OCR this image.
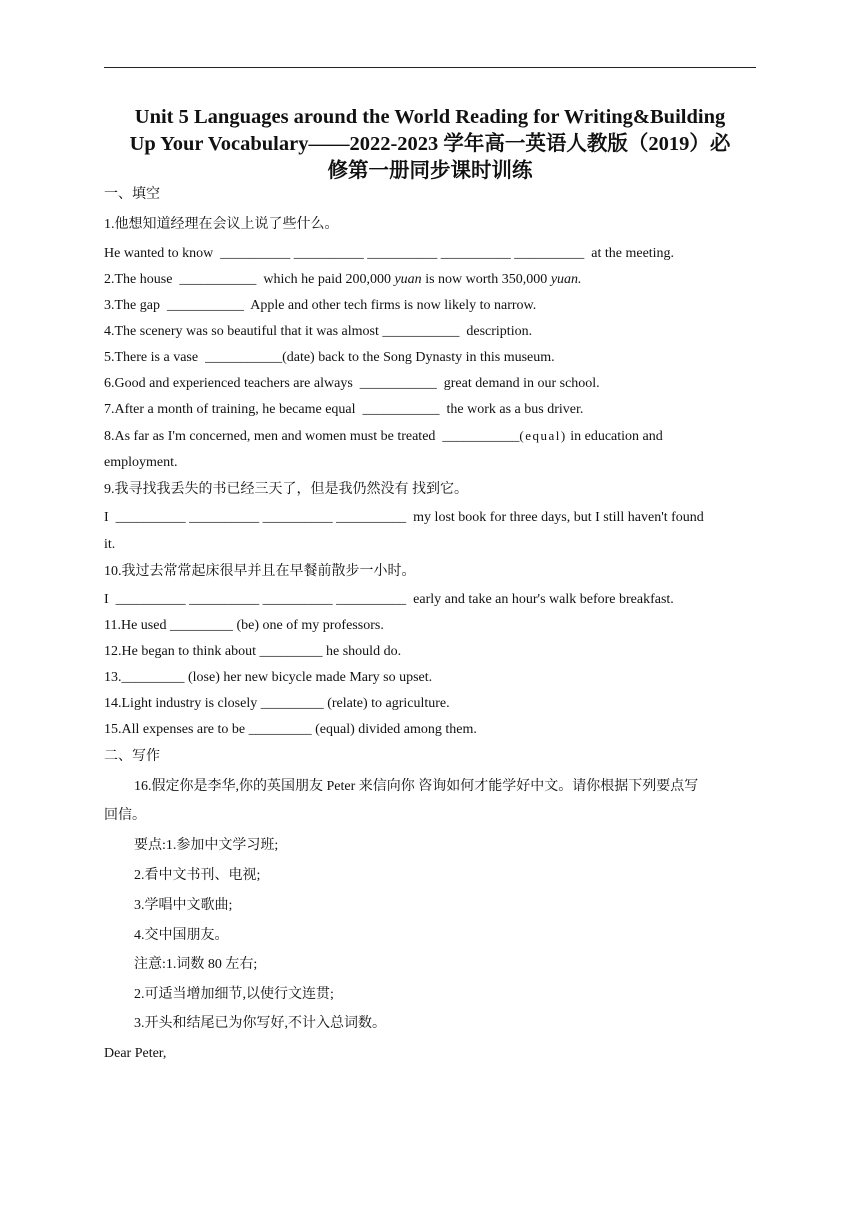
Unit 5 Languages around the World Reading for Writing&Building
Up Your Vocabulary——2022-2023 学年高一英语人教版（2019）必
修第一册同步课时训练
一、填空
1.他想知道经理在会议上说了些什么。
He wanted to know  __________ __________ __________ __________ __________  at the meeting.
2.The house  ___________  which he paid 200,000 yuan is now worth 350,000 yuan.
3.The gap  ___________  Apple and other tech firms is now likely to narrow.
4.The scenery was so beautiful that it was almost ___________  description.
5.There is a vase  ___________(date) back to the Song Dynasty in this museum.
6.Good and experienced teachers are always  ___________  great demand in our school.
7.After a month of training, he became equal  ___________  the work as a bus driver.
8.As far as I'm concerned, men and women must be treated  ___________(equal) in education and
employment.
9.我寻找我丢失的书已经三天了，但是我仍然没有 找到它。
I  __________ __________ __________ __________  my lost book for three days, but I still haven't found
it.
10.我过去常常起床很早并且在早餐前散步一小时。
I  __________ __________ __________ __________  early and take an hour's walk before breakfast.
11.He used _________ (be) one of my professors.
12.He began to think about _________ he should do.
13._________ (lose) her new bicycle made Mary so upset.
14.Light industry is closely _________ (relate) to agriculture.
15.All expenses are to be _________ (equal) divided among them.
二、写作
16.假定你是李华,你的英国朋友 Peter 来信向你 咨询如何才能学好中文。请你根据下列要点写
回信。
要点:1.参加中文学习班;
2.看中文书刊、电视;
3.学唱中文歌曲;
4.交中国朋友。
注意:1.词数 80 左右;
2.可适当增加细节,以使行文连贯;
3.开头和结尾已为你写好,不计入总词数。
Dear Peter,
